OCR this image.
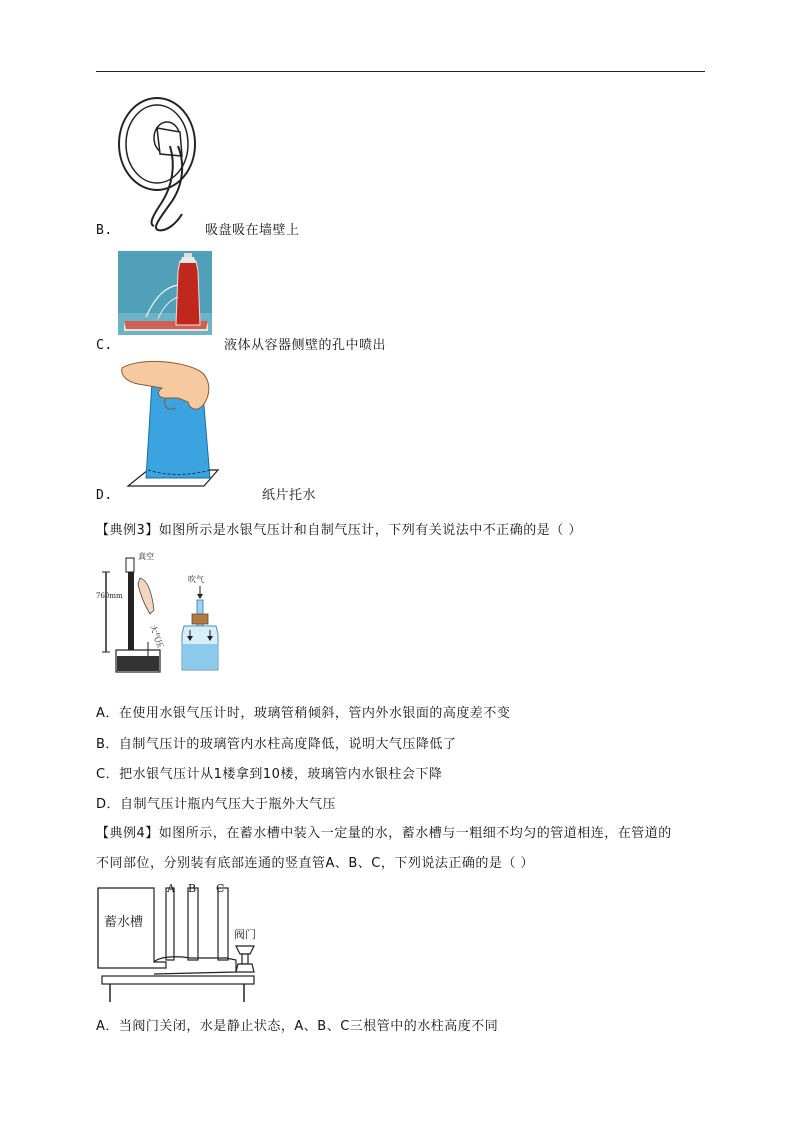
B.	吸盘吸在墙壁上
C.	液体从容器侧壁的孔中喷出
D.	纸片托水
【典例3】如图所示是水银气压计和自制气压计，下列有关说法中不正确的是（ ）
760mm
真空
大气压
吹气
A．在使用水银气压计时，玻璃管稍倾斜，管内外水银面的高度差不变
B．自制气压计的玻璃管内水柱高度降低，说明大气压降低了
C．把水银气压计从1楼拿到10楼，玻璃管内水银柱会下降
D．自制气压计瓶内气压大于瓶外大气压
【典例4】如图所示，在蓄水槽中装入一定量的水，蓄水槽与一粗细不均匀的管道相连，在管道的
不同部位，分别装有底部连通的竖直管A、B、C，下列说法正确的是（ ）
蓄水槽
A B C
阀门
A．当阀门关闭，水是静止状态，A、B、C三根管中的水柱高度不同
